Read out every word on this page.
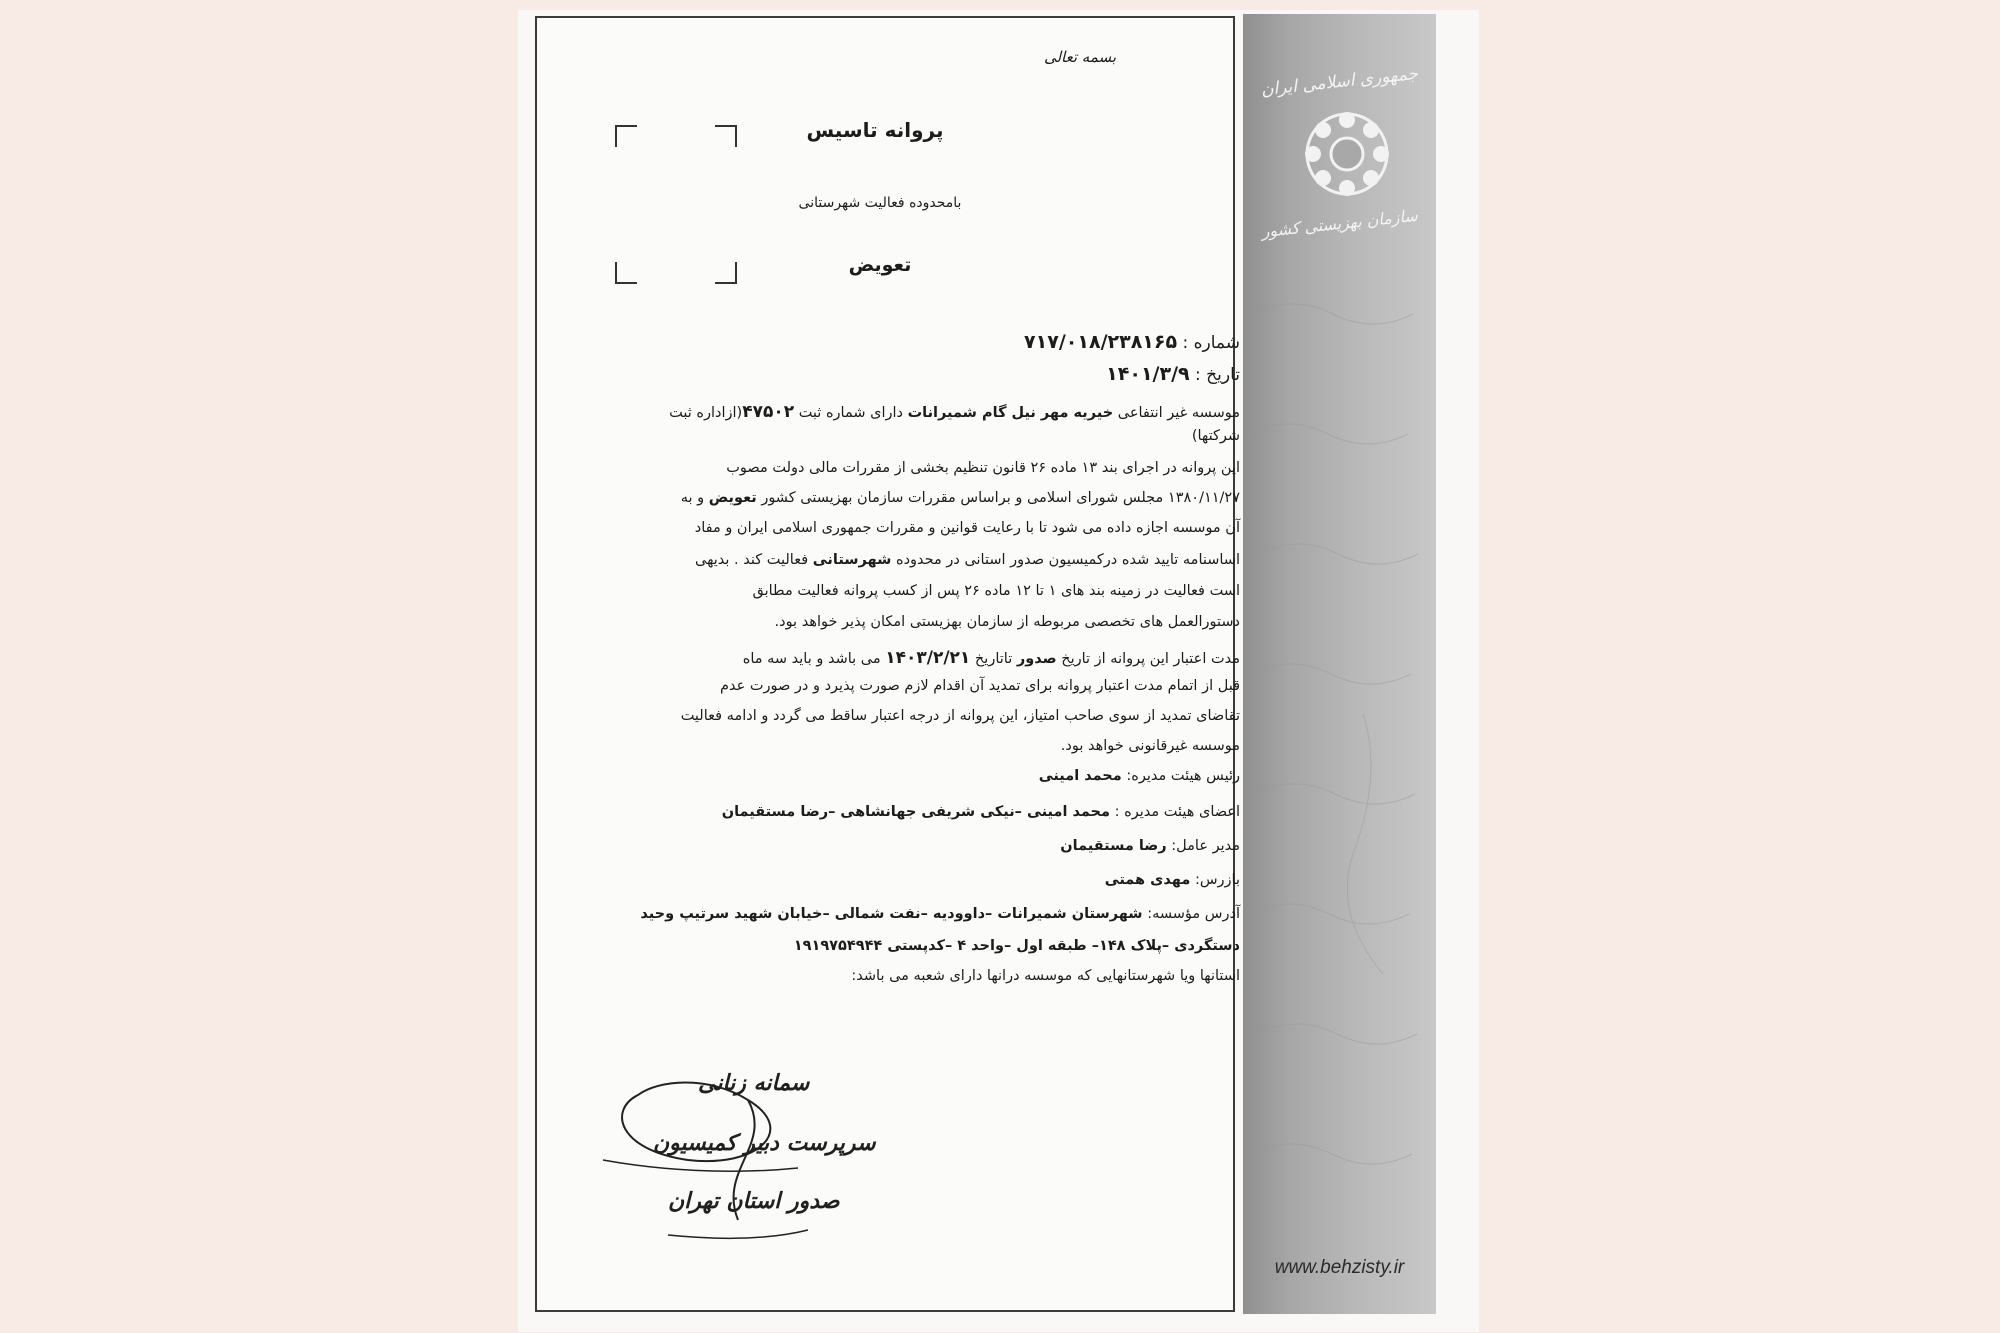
جمهوری اسلامی ایران
سازمان بهزیستی کشور
www.behzisty.ir
بسمه تعالی
پروانه تاسیس
بامحدوده فعالیت شهرستانی
تعویض
شماره : ۷۱۷/۰۱۸/۲۳۸۱۶۵
تاریخ : ۱۴۰۱/۳/۹
موسسه غیر انتفاعی خیریه مهر نیل گام شمیرانات دارای شماره ثبت ۴۷۵۰۲(ازاداره ثبت
شرکتها)
این پروانه در اجرای بند ۱۳ ماده ۲۶ قانون تنظیم بخشی از مقررات مالی دولت مصوب
۱۳۸۰/۱۱/۲۷ مجلس شورای اسلامی و براساس مقررات سازمان بهزیستی کشور تعویض و به
آن موسسه اجازه داده می شود تا با رعایت قوانین و مقررات جمهوری اسلامی ایران و مفاد
اساسنامه تایید شده درکمیسیون صدور استانی در محدوده شهرستانی فعالیت کند . بدیهی
است فعالیت در زمینه بند های ۱ تا ۱۲ ماده ۲۶ پس از کسب پروانه فعالیت مطابق
دستورالعمل های تخصصی مربوطه از سازمان بهزیستی امکان پذیر خواهد بود.
مدت اعتبار این پروانه از تاریخ صدور تاتاریخ ۱۴۰۳/۲/۲۱ می باشد و باید سه ماه
قبل از اتمام مدت اعتبار پروانه برای تمدید آن اقدام لازم صورت پذیرد و در صورت عدم
تقاضای تمدید از سوی صاحب امتیاز، این پروانه از درجه اعتبار ساقط می گردد و ادامه فعالیت
موسسه غیرقانونی خواهد بود.
رئیس هیئت مدیره: محمد امینی
اعضای هیئت مدیره : محمد امینی –نیکی شریفی جهانشاهی –رضا مستقیمان
مدیر عامل: رضا مستقیمان
بازرس: مهدی همتی
آدرس مؤسسه: شهرستان شمیرانات –داوودیه –نفت شمالی –خیابان شهید سرتیپ وحید
دستگردی –پلاک ۱۴۸– طبقه اول –واحد ۴ –کدپستی ۱۹۱۹۷۵۴۹۴۴
استانها ویا شهرستانهایی که موسسه درانها دارای شعبه می باشد:
سمانه زنانی
سرپرست دبیر کمیسیون
صدور استان تهران
